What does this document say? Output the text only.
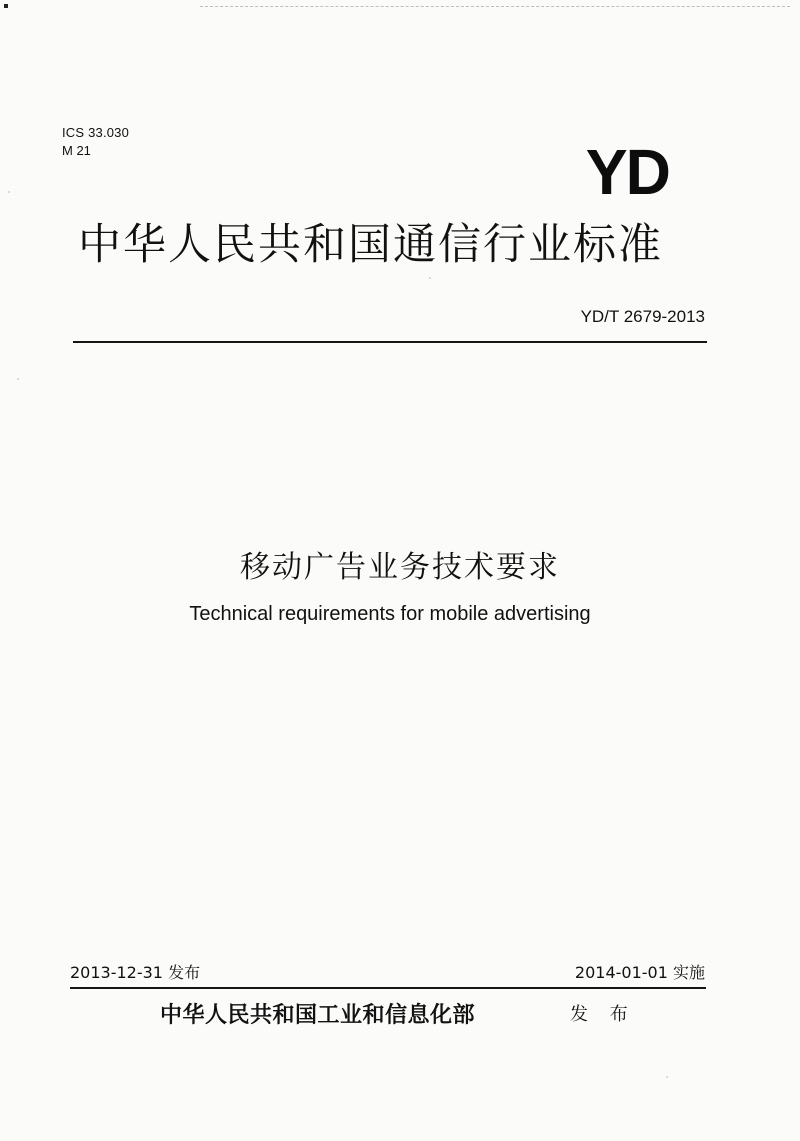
ICS 33.030
M 21	YD
中华人民共和国通信行业标准
YD/T 2679-2013
移动广告业务技术要求
Technical requirements for mobile advertising
2013-12-31 发布	2014-01-01 实施
中华人民共和国工业和信息化部	发 布
